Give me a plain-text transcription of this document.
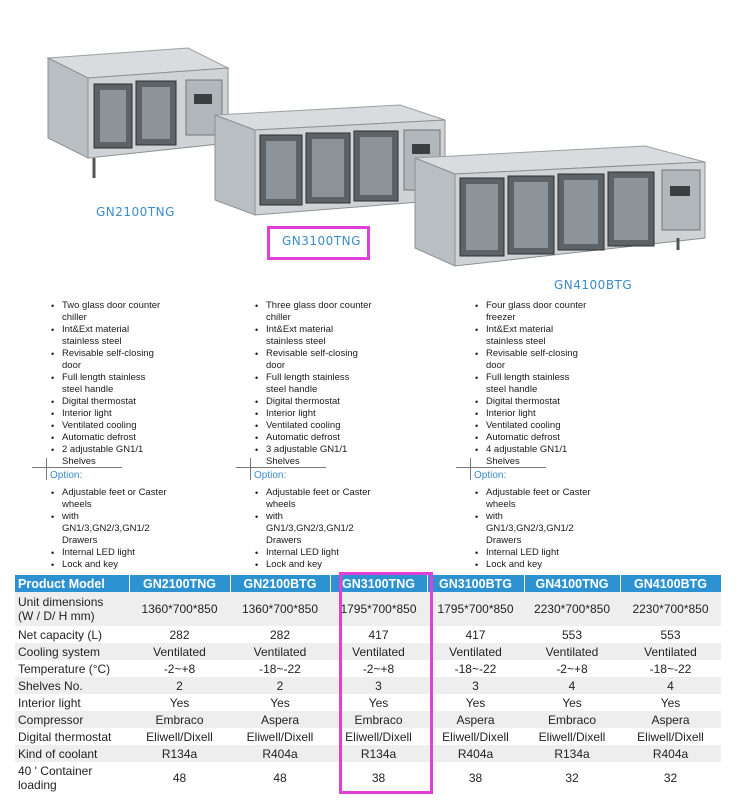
GN2100TNG
GN3100TNG
GN4100BTG
• Two glass door counter chiller
• Int&Ext material stainless steel
• Revisable self-closing door
• Full length stainless steel handle
• Digital thermostat
• Interior light
• Ventilated cooling
• Automatic defrost
• 2 adjustable GN1/1 Shelves
• Three glass door counter chiller
• Int&Ext material stainless steel
• Revisable self-closing door
• Full length stainless steel handle
• Digital thermostat
• Interior light
• Ventilated cooling
• Automatic defrost
• 3 adjustable GN1/1 Shelves
• Four glass door counter freezer
• Int&Ext material stainless steel
• Revisable self-closing door
• Full length stainless steel handle
• Digital thermostat
• Interior light
• Ventilated cooling
• Automatic defrost
• 4 adjustable GN1/1 Shelves
Option:
• Adjustable feet or Caster wheels
• with GN1/3,GN2/3,GN1/2 Drawers
• Internal LED light
• Lock and key
Option:
• Adjustable feet or Caster wheels
• with GN1/3,GN2/3,GN1/2 Drawers
• Internal LED light
• Lock and key
Option:
• Adjustable feet or Caster wheels
• with GN1/3,GN2/3,GN1/2 Drawers
• Internal LED light
• Lock and key
Product Model	GN2100TNG	GN2100BTG	GN3100TNG	GN3100BTG	GN4100TNG	GN4100BTG
Unit dimensions
(W / D/ H mm)	1360*700*850	1360*700*850	1795*700*850	1795*700*850	2230*700*850	2230*700*850
Net capacity (L)	282	282	417	417	553	553
Cooling system	Ventilated	Ventilated	Ventilated	Ventilated	Ventilated	Ventilated
Temperature (°C)	-2~+8	-18~-22	-2~+8	-18~-22	-2~+8	-18~-22
Shelves No.	2	2	3	3	4	4
Interior light	Yes	Yes	Yes	Yes	Yes	Yes
Compressor	Embraco	Aspera	Embraco	Aspera	Embraco	Aspera
Digital thermostat	Eliwell/Dixell	Eliwell/Dixell	Eliwell/Dixell	Eliwell/Dixell	Eliwell/Dixell	Eliwell/Dixell
Kind of coolant	R134a	R404a	R134a	R404a	R134a	R404a
40 ' Container
loading	48	48	38	38	32	32
